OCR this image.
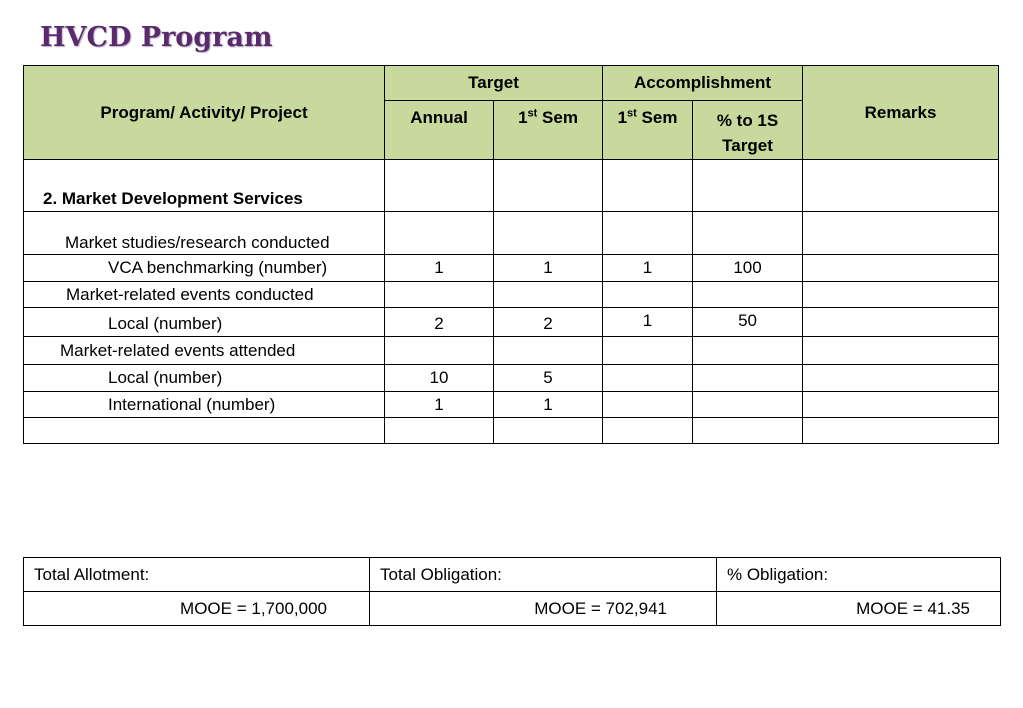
HVCD Program
Program/ Activity/ Project	Target		Accomplishment		Remarks
	Annual	1st Sem	1st Sem	% to 1S
Target	
2. Market Development Services					
Market studies/research conducted					
VCA benchmarking (number)	1	1	1	100	
Market-related events conducted					
Local (number)	2	2	1	50	
Market-related events attended					
Local (number)	10	5			
International (number)	1	1			

Total Allotment:	Total Obligation:	% Obligation:
MOOE = 1,700,000	MOOE = 702,941	MOOE = 41.35
